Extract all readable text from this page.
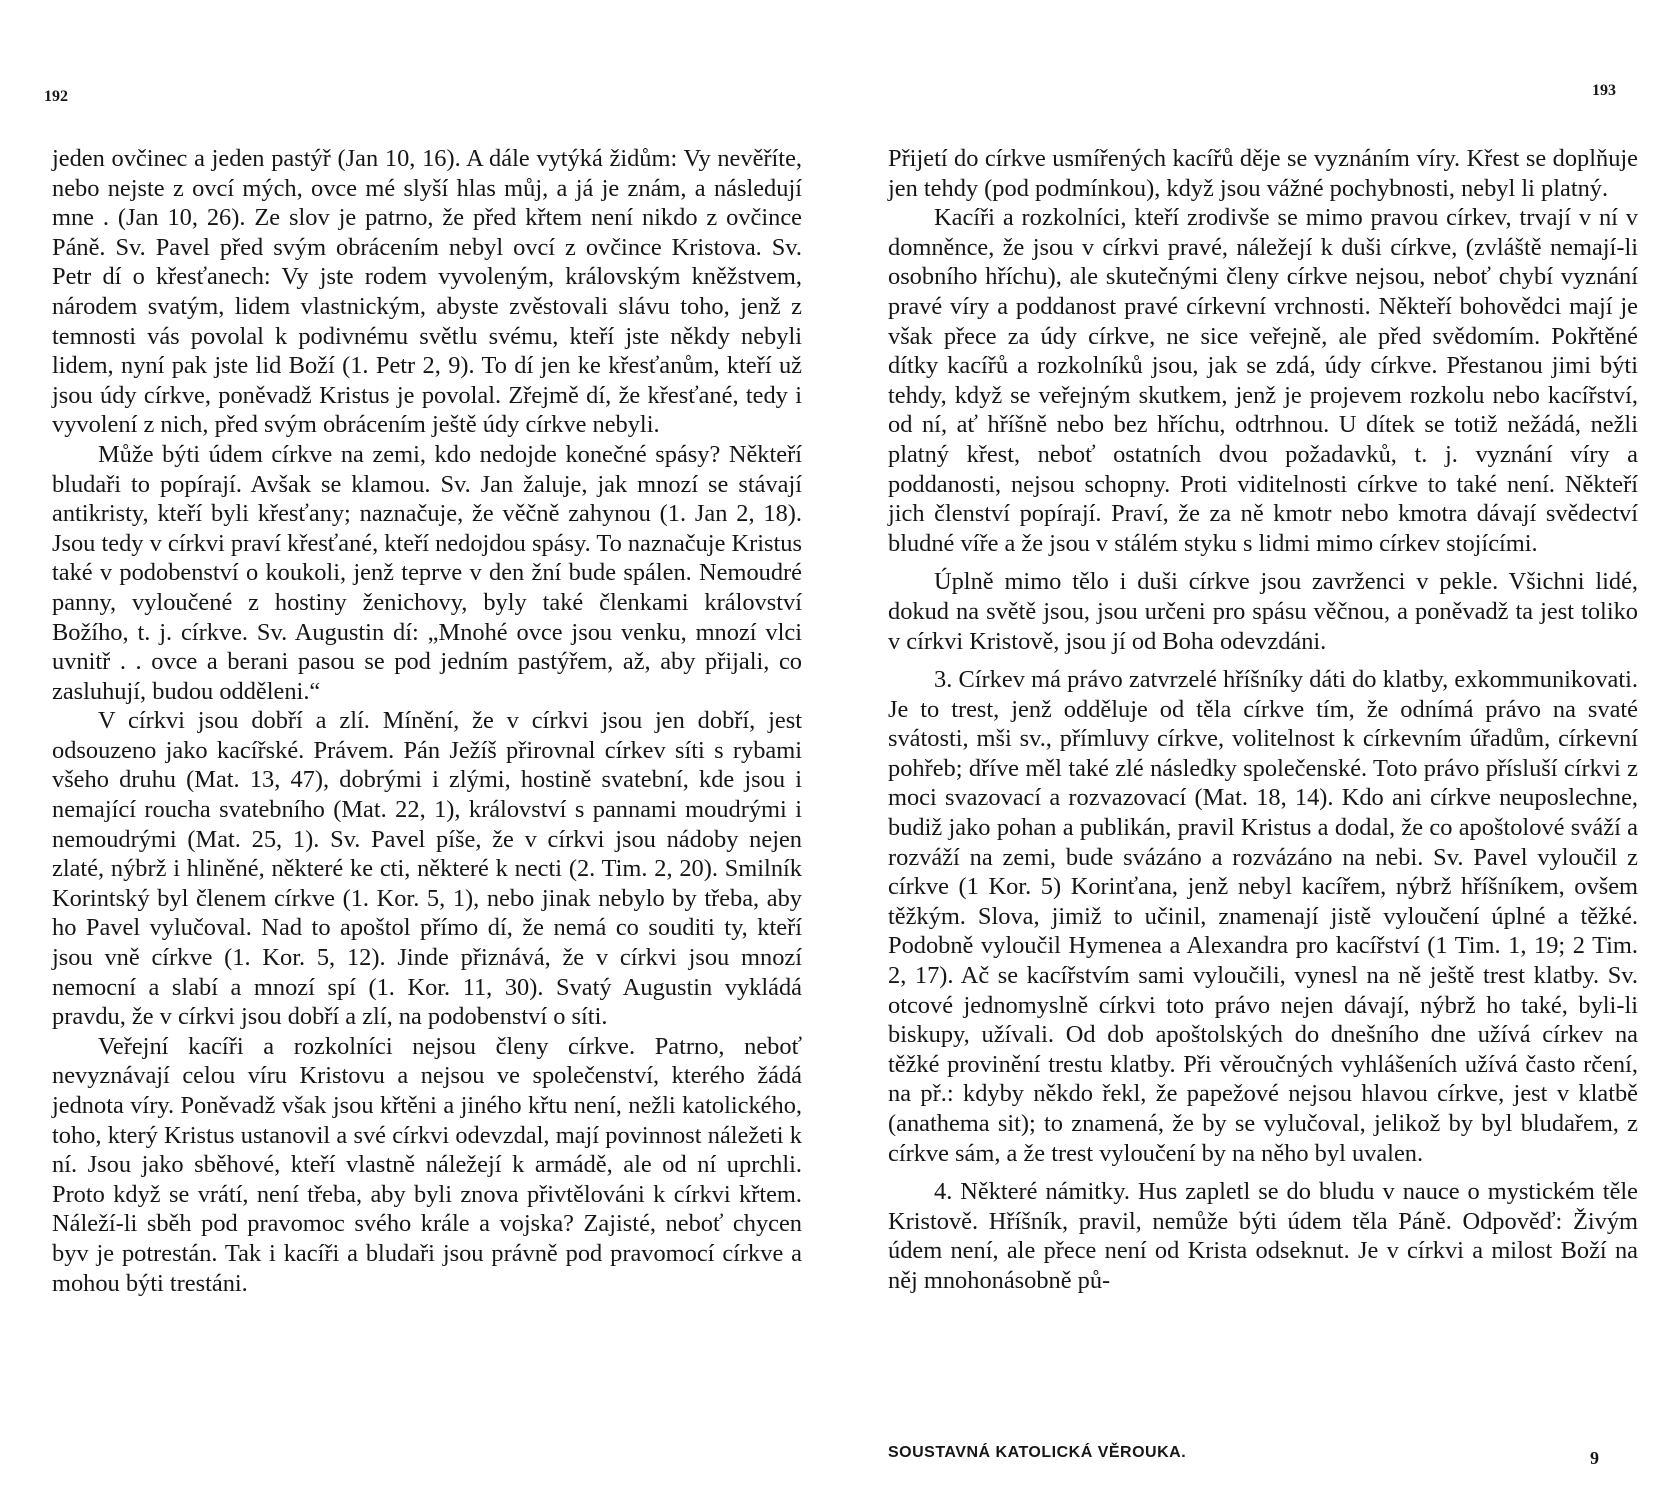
192	193

jeden ovčinec a jeden pastýř (Jan 10, 16). A dále vytýká židům: Vy nevěříte, nebo nejste z ovcí mých, ovce mé slyší hlas můj, a já je znám, a následují mne . (Jan 10, 26). Ze slov je patrno, že před křtem není nikdo z ovčince Páně. Sv. Pavel před svým obrácením nebyl ovcí z ovčince Kristova. Sv. Petr dí o křesťanech: Vy jste rodem vyvoleným, královským kněžstvem, národem svatým, lidem vlastnickým, abyste zvěstovali slávu toho, jenž z temnosti vás povolal k podivnému světlu svému, kteří jste někdy nebyli lidem, nyní pak jste lid Boží (1. Petr 2, 9). To dí jen ke křesťanům, kteří už jsou údy církve, poněvadž Kristus je povolal. Zřejmě dí, že křesťané, tedy i vyvolení z nich, před svým obrácením ještě údy církve nebyli.

Může býti údem církve na zemi, kdo nedojde konečné spásy? Někteří bludaři to popírají. Avšak se klamou. Sv. Jan žaluje, jak mnozí se stávají antikristy, kteří byli křesťany; naznačuje, že věčně zahynou (1. Jan 2, 18). Jsou tedy v církvi praví křesťané, kteří nedojdou spásy. To naznačuje Kristus také v podobenství o koukoli, jenž teprve v den žní bude spálen. Nemoudré panny, vyloučené z hostiny ženichovy, byly také členkami království Božího, t. j. církve. Sv. Augustin dí: „Mnohé ovce jsou venku, mnozí vlci uvnitř . . ovce a berani pasou se pod jedním pastýřem, až, aby přijali, co zasluhují, budou odděleni.“

V církvi jsou dobří a zlí. Mínění, že v církvi jsou jen dobří, jest odsouzeno jako kacířské. Právem. Pán Ježíš přirovnal církev síti s rybami všeho druhu (Mat. 13, 47), dobrými i zlými, hostině svatební, kde jsou i nemající roucha svatebního (Mat. 22, 1), království s pannami moudrými i nemoudrými (Mat. 25, 1). Sv. Pavel píše, že v církvi jsou nádoby nejen zlaté, nýbrž i hliněné, některé ke cti, některé k necti (2. Tim. 2, 20). Smilník Korintský byl členem církve (1. Kor. 5, 1), nebo jinak nebylo by třeba, aby ho Pavel vylučoval. Nad to apoštol přímo dí, že nemá co souditi ty, kteří jsou vně církve (1. Kor. 5, 12). Jinde přiznává, že v církvi jsou mnozí nemocní a slabí a mnozí spí (1. Kor. 11, 30). Svatý Augustin vykládá pravdu, že v církvi jsou dobří a zlí, na podobenství o síti.

Veřejní kacíři a rozkolníci nejsou členy církve. Patrno, neboť nevyznávají celou víru Kristovu a nejsou ve společenství, kterého žádá jednota víry. Poněvadž však jsou křtěni a jiného křtu není, nežli katolického, toho, který Kristus ustanovil a své církvi odevzdal, mají povinnost náležeti k ní. Jsou jako sběhové, kteří vlastně náležejí k armádě, ale od ní uprchli. Proto když se vrátí, není třeba, aby byli znova přivtělováni k církvi křtem. Náleží-li sběh pod pravomoc svého krále a vojska? Zajisté, neboť chycen byv je potrestán. Tak i kacíři a bludaři jsou právně pod pravomocí církve a mohou býti trestáni.

Přijetí do církve usmířených kacířů děje se vyznáním víry. Křest se doplňuje jen tehdy (pod podmínkou), když jsou vážné pochybnosti, nebyl li platný.

Kacíři a rozkolníci, kteří zrodivše se mimo pravou církev, trvají v ní v domněnce, že jsou v církvi pravé, náležejí k duši církve, (zvláště nemají-li osobního hříchu), ale skutečnými členy církve nejsou, neboť chybí vyznání pravé víry a poddanost pravé církevní vrchnosti. Někteří bohovědci mají je však přece za údy církve, ne sice veřejně, ale před svědomím. Pokřtěné dítky kacířů a rozkolníků jsou, jak se zdá, údy církve. Přestanou jimi býti tehdy, když se veřejným skutkem, jenž je projevem rozkolu nebo kacířství, od ní, ať hříšně nebo bez hříchu, odtrhnou. U dítek se totiž nežádá, nežli platný křest, neboť ostatních dvou požadavků, t. j. vyznání víry a poddanosti, nejsou schopny. Proti viditelnosti církve to také není. Někteří jich členství popírají. Praví, že za ně kmotr nebo kmotra dávají svědectví bludné víře a že jsou v stálém styku s lidmi mimo církev stojícími.

Úplně mimo tělo i duši církve jsou zavrženci v pekle. Všichni lidé, dokud na světě jsou, jsou určeni pro spásu věčnou, a poněvadž ta jest toliko v církvi Kristově, jsou jí od Boha odevzdáni.

3. Církev má právo zatvrzelé hříšníky dáti do klatby, exkommunikovati. Je to trest, jenž odděluje od těla církve tím, že odnímá právo na svaté svátosti, mši sv., přímluvy církve, volitelnost k církevním úřadům, církevní pohřeb; dříve měl také zlé následky společenské. Toto právo přísluší církvi z moci svazovací a rozvazovací (Mat. 18, 14). Kdo ani církve neuposlechne, budiž jako pohan a publikán, pravil Kristus a dodal, že co apoštolové sváží a rozváží na zemi, bude svázáno a rozvázáno na nebi. Sv. Pavel vyloučil z církve (1 Kor. 5) Korinťana, jenž nebyl kacířem, nýbrž hříšníkem, ovšem těžkým. Slova, jimiž to učinil, znamenají jistě vyloučení úplné a těžké. Podobně vyloučil Hymenea a Alexandra pro kacířství (1 Tim. 1, 19; 2 Tim. 2, 17). Ač se kacířstvím sami vyloučili, vynesl na ně ještě trest klatby. Sv. otcové jednomyslně církvi toto právo nejen dávají, nýbrž ho také, byli-li biskupy, užívali. Od dob apoštolských do dnešního dne užívá církev na těžké provinění trestu klatby. Při věroučných vyhlášeních užívá často rčení, na př.: kdyby někdo řekl, že papežové nejsou hlavou církve, jest v klatbě (anathema sit); to znamená, že by se vylučoval, jelikož by byl bludařem, z církve sám, a že trest vyloučení by na něho byl uvalen.

4. Některé námitky. Hus zapletl se do bludu v nauce o mystickém těle Kristově. Hříšník, pravil, nemůže býti údem těla Páně. Odpověď: Živým údem není, ale přece není od Krista odseknut. Je v církvi a milost Boží na něj mnohonásobně pů-

SOUSTAVNÁ KATOLICKÁ VĚROUKA.	9
